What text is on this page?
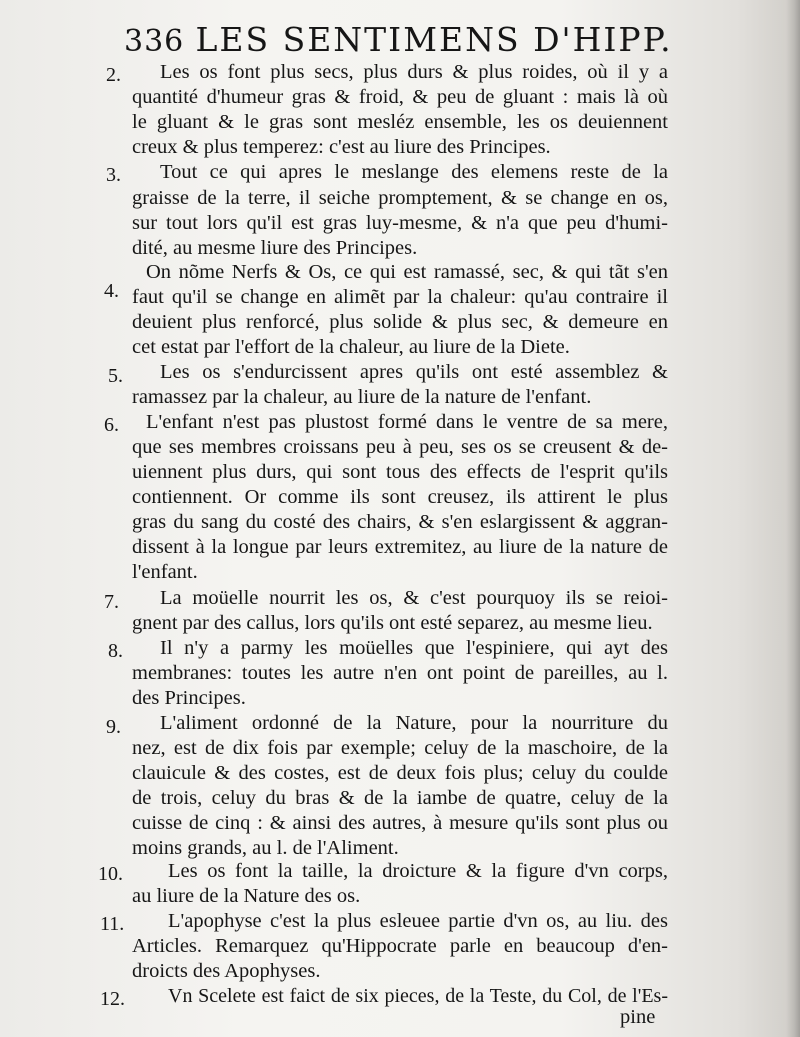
336 LES SENTIMENS D'HIPP.
2. Les os font plus secs, plus durs & plus roides, où il y a
quantité d'humeur gras & froid, & peu de gluant : mais là où
le gluant & le gras sont mesléz ensemble, les os deuiennent
creux & plus temperez: c'est au liure des Principes.
3. Tout ce qui apres le meslange des elemens reste de la
graisse de la terre, il seiche promptement, & se change en os,
sur tout lors qu'il est gras luy-mesme, & n'a que peu d'humi-
dité, au mesme liure des Principes.
4.
On nõme Nerfs & Os, ce qui est ramassé, sec, & qui tãt s'en
faut qu'il se change en alimẽt par la chaleur: qu'au contraire il
deuient plus renforcé, plus solide & plus sec, & demeure en
cet estat par l'effort de la chaleur, au liure de la Diete.
5. Les os s'endurcissent apres qu'ils ont esté assemblez &
ramassez par la chaleur, au liure de la nature de l'enfant.
6. L'enfant n'est pas plustost formé dans le ventre de sa mere,
que ses membres croissans peu à peu, ses os se creusent & de-
uiennent plus durs, qui sont tous des effects de l'esprit qu'ils
contiennent. Or comme ils sont creusez, ils attirent le plus
gras du sang du costé des chairs, & s'en eslargissent & aggran-
dissent à la longue par leurs extremitez, au liure de la nature de
l'enfant.
7. La moüelle nourrit les os, & c'est pourquoy ils se reioi-
gnent par des callus, lors qu'ils ont esté separez, au mesme lieu.
8. Il n'y a parmy les moüelles que l'espiniere, qui ayt des
membranes: toutes les autre n'en ont point de pareilles, au l.
des Principes.
9. L'aliment ordonné de la Nature, pour la nourriture du
nez, est de dix fois par exemple; celuy de la maschoire, de la
clauicule & des costes, est de deux fois plus; celuy du coulde
de trois, celuy du bras & de la iambe de quatre, celuy de la
cuisse de cinq : & ainsi des autres, à mesure qu'ils sont plus ou
moins grands, au l. de l'Aliment.
10. Les os font la taille, la droicture & la figure d'vn corps,
au liure de la Nature des os.
11. L'apophyse c'est la plus esleuee partie d'vn os, au liu. des
Articles. Remarquez qu'Hippocrate parle en beaucoup d'en-
droicts des Apophyses.
12. Vn Scelete est faict de six pieces, de la Teste, du Col, de l'Es-
pine
